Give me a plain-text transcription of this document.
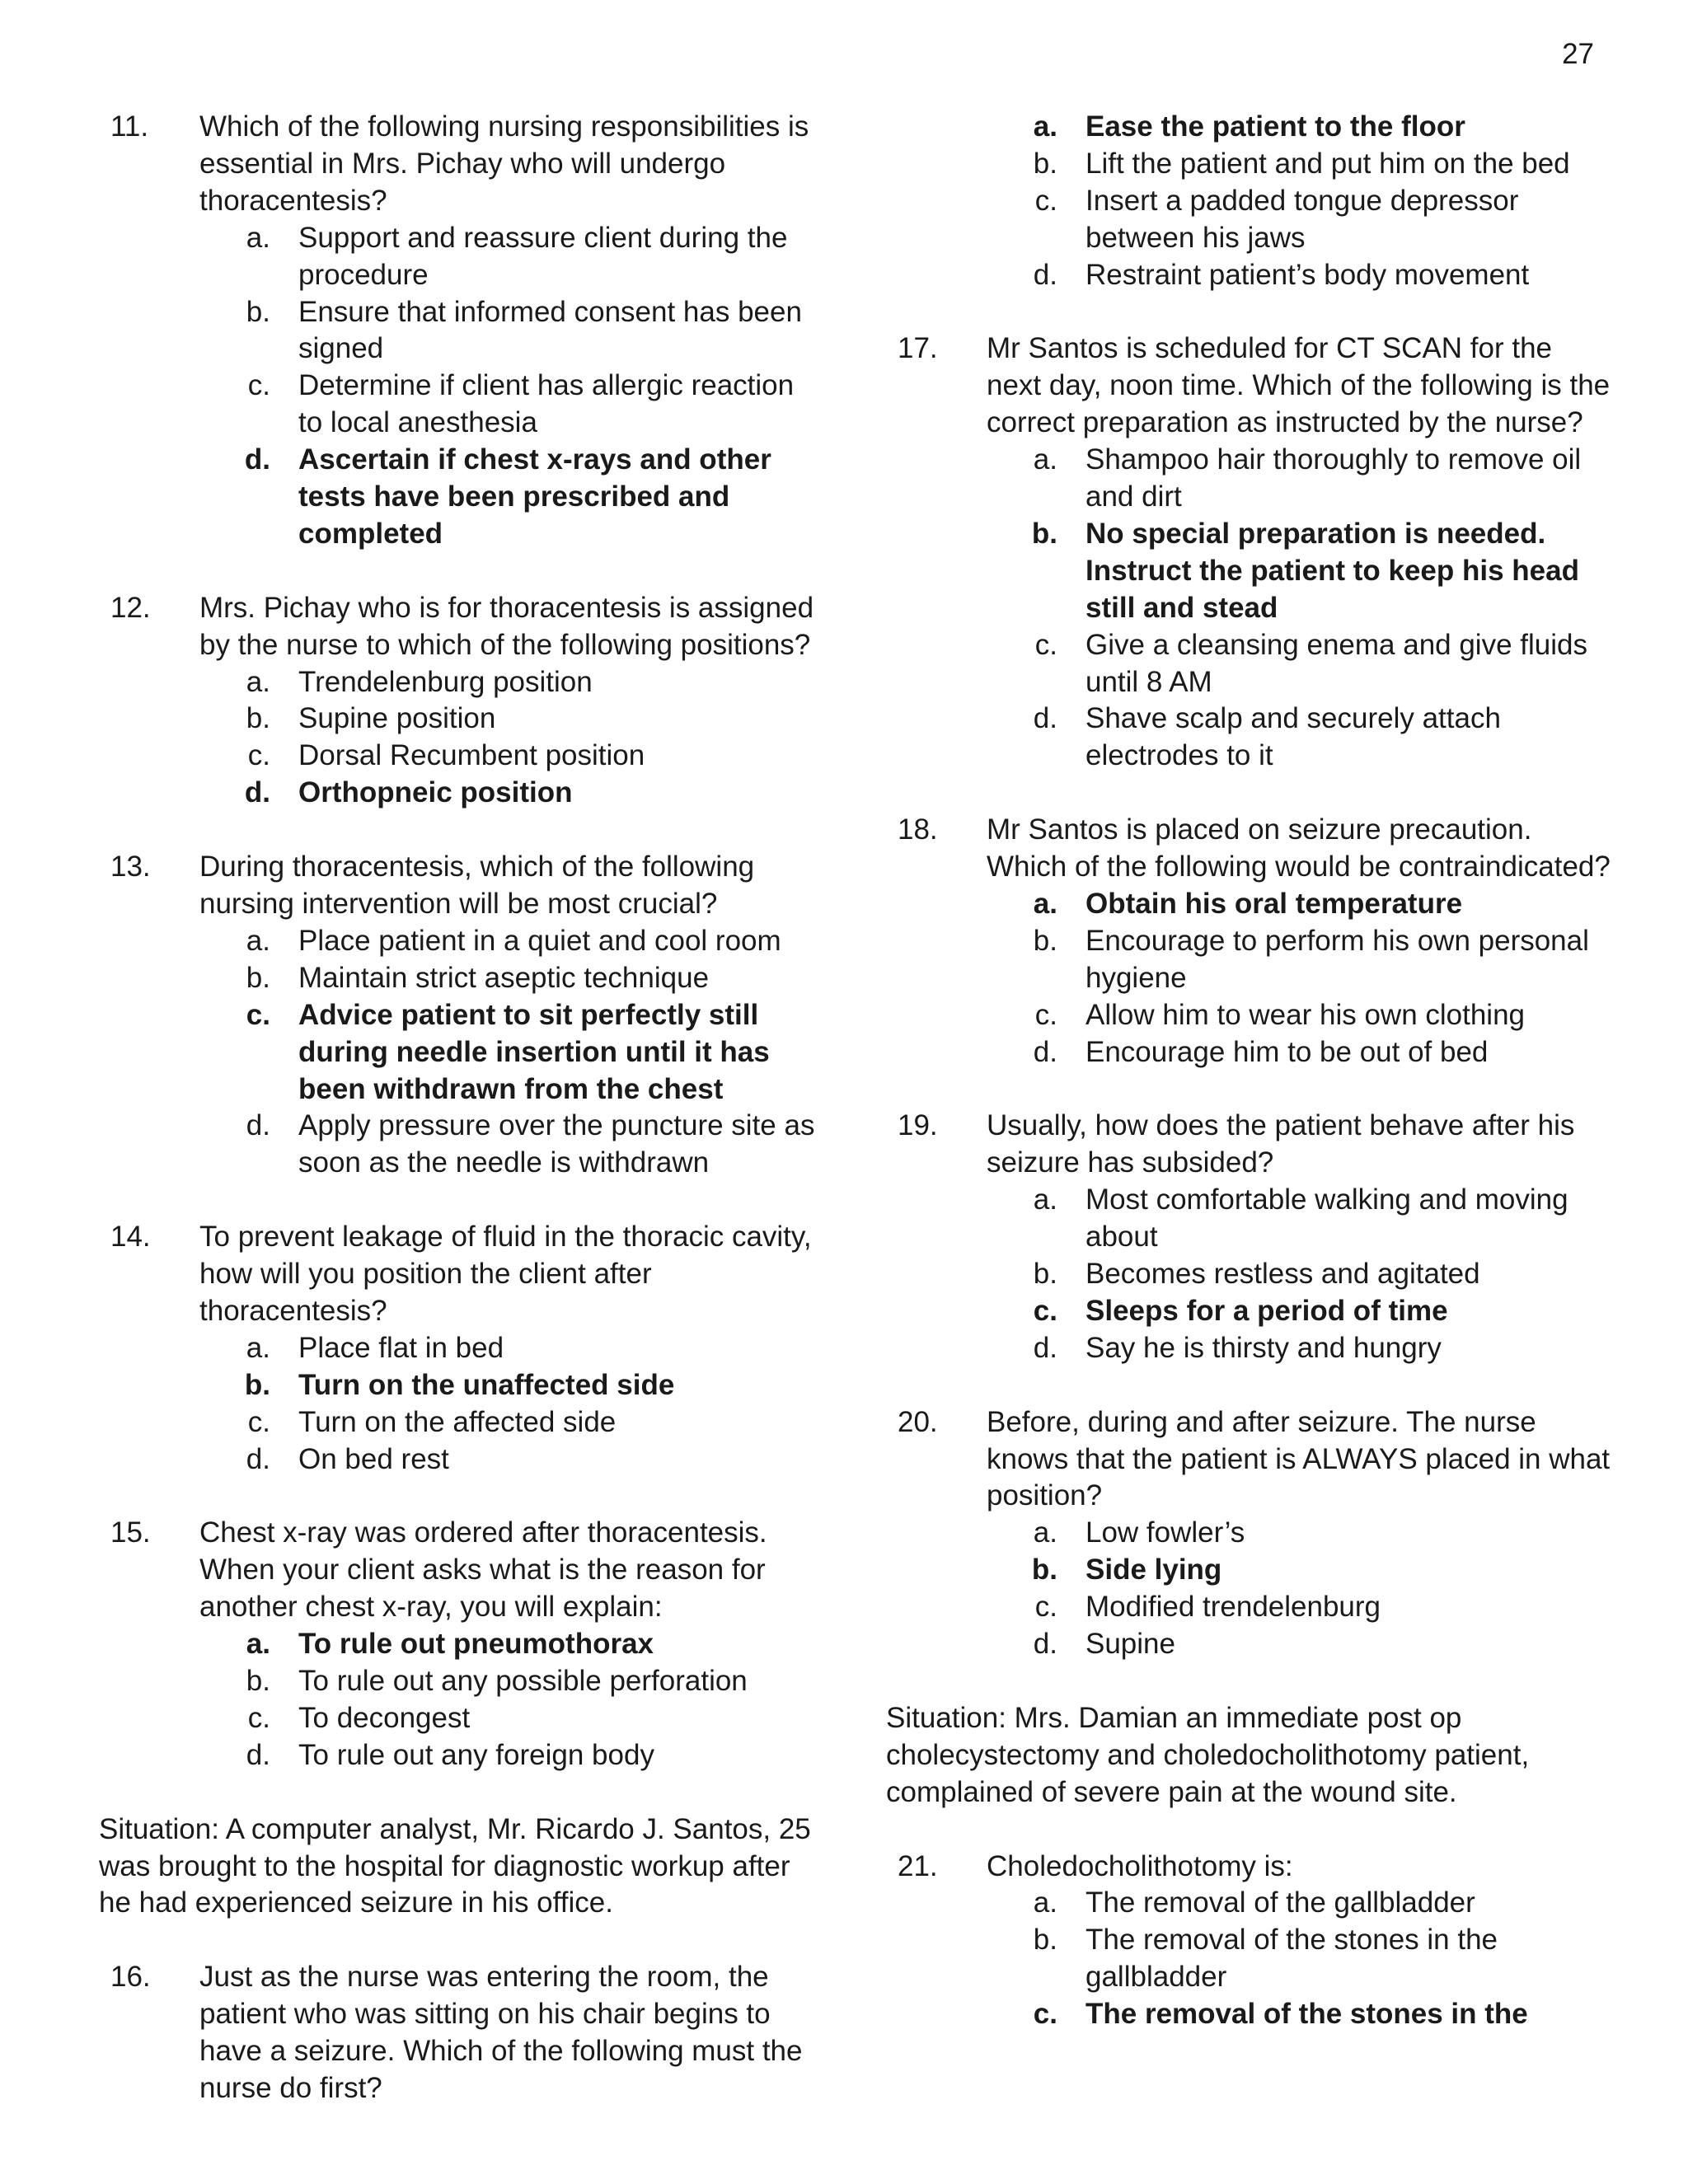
27
11.	Which of the following nursing responsibilities is essential in Mrs. Pichay who will undergo thoracentesis?
a. Support and reassure client during the procedure
b. Ensure that informed consent has been signed
c. Determine if client has allergic reaction to local anesthesia
d. Ascertain if chest x-rays and other tests have been prescribed and completed
12.	Mrs. Pichay who is for thoracentesis is assigned by the nurse to which of the following positions?
a. Trendelenburg position
b. Supine position
c. Dorsal Recumbent position
d. Orthopneic position
13.	During thoracentesis, which of the following nursing intervention will be most crucial?
a. Place patient in a quiet and cool room
b. Maintain strict aseptic technique
c. Advice patient to sit perfectly still during needle insertion until it has been withdrawn from the chest
d. Apply pressure over the puncture site as soon as the needle is withdrawn
14.	To prevent leakage of fluid in the thoracic cavity, how will you position the client after thoracentesis?
a. Place flat in bed
b. Turn on the unaffected side
c. Turn on the affected side
d. On bed rest
15.	Chest x-ray was ordered after thoracentesis. When your client asks what is the reason for another chest x-ray, you will explain:
a. To rule out pneumothorax
b. To rule out any possible perforation
c. To decongest
d. To rule out any foreign body
Situation: A computer analyst, Mr. Ricardo J. Santos, 25 was brought to the hospital for diagnostic workup after he had experienced seizure in his office.
16.	Just as the nurse was entering the room, the patient who was sitting on his chair begins to have a seizure. Which of the following must the nurse do first?
a. Ease the patient to the floor
b. Lift the patient and put him on the bed
c. Insert a padded tongue depressor between his jaws
d. Restraint patient’s body movement
17.	Mr Santos is scheduled for CT SCAN for the next day, noon time. Which of the following is the correct preparation as instructed by the nurse?
a. Shampoo hair thoroughly to remove oil and dirt
b. No special preparation is needed. Instruct the patient to keep his head still and stead
c. Give a cleansing enema and give fluids until 8 AM
d. Shave scalp and securely attach electrodes to it
18.	Mr Santos is placed on seizure precaution. Which of the following would be contraindicated?
a. Obtain his oral temperature
b. Encourage to perform his own personal hygiene
c. Allow him to wear his own clothing
d. Encourage him to be out of bed
19.	Usually, how does the patient behave after his seizure has subsided?
a. Most comfortable walking and moving about
b. Becomes restless and agitated
c. Sleeps for a period of time
d. Say he is thirsty and hungry
20.	Before, during and after seizure. The nurse knows that the patient is ALWAYS placed in what position?
a. Low fowler’s
b. Side lying
c. Modified trendelenburg
d. Supine
Situation: Mrs. Damian an immediate post op cholecystectomy and choledocholithotomy patient, complained of severe pain at the wound site.
21.	Choledocholithotomy is:
a. The removal of the gallbladder
b. The removal of the stones in the gallbladder
c. The removal of the stones in the
